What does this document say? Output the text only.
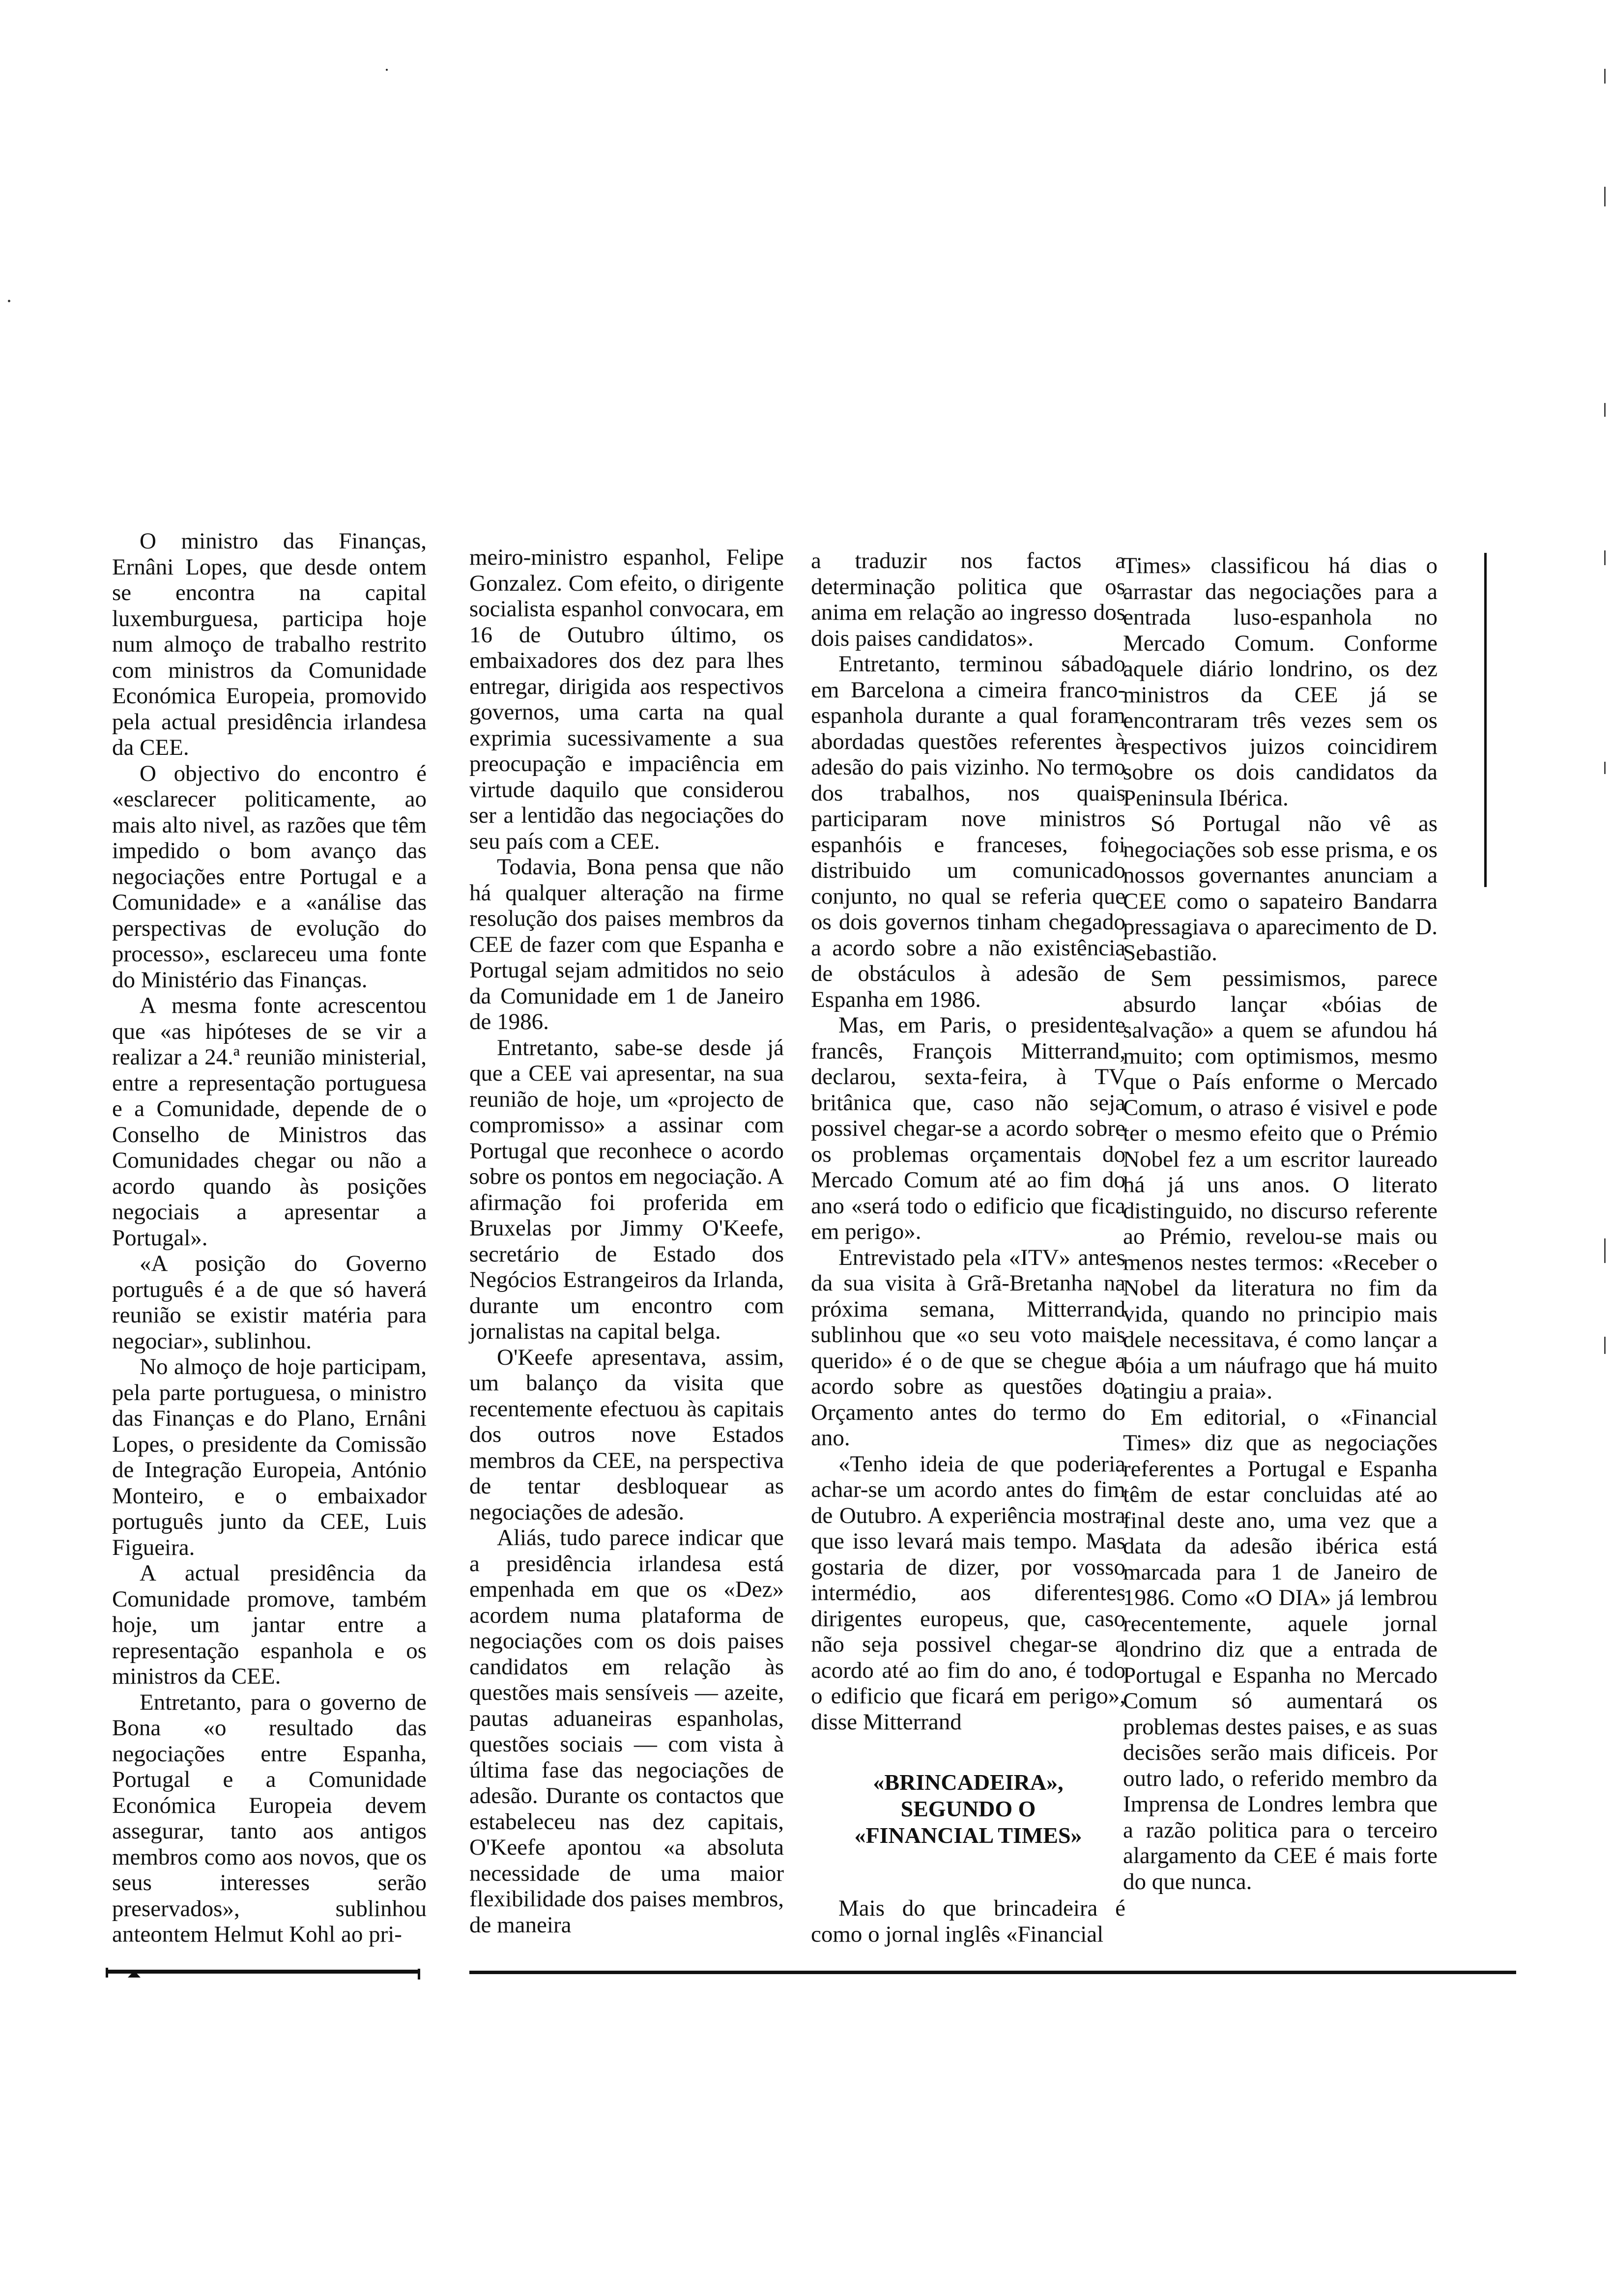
O ministro das Finanças, Ernâni Lopes, que desde ontem se encontra na capital luxemburguesa, participa hoje num almoço de trabalho restrito com ministros da Comunidade Económica Europeia, promovido pela actual presidência irlandesa da CEE.

O objectivo do encontro é «esclarecer politicamente, ao mais alto nivel, as razões que têm impedido o bom avanço das negociações entre Portugal e a Comunidade» e a «análise das perspectivas de evolução do processo», esclareceu uma fonte do Ministério das Finanças.

A mesma fonte acrescentou que «as hipóteses de se vir a realizar a 24.ª reunião ministerial, entre a representação portuguesa e a Comunidade, depende de o Conselho de Ministros das Comunidades chegar ou não a acordo quando às posições negociais a apresentar a Portugal».

«A posição do Governo português é a de que só haverá reunião se existir matéria para negociar», sublinhou.

No almoço de hoje participam, pela parte portuguesa, o ministro das Finanças e do Plano, Ernâni Lopes, o presidente da Comissão de Integração Europeia, António Monteiro, e o embaixador português junto da CEE, Luis Figueira.

A actual presidência da Comunidade promove, também hoje, um jantar entre a representação espanhola e os ministros da CEE.

Entretanto, para o governo de Bona «o resultado das negociações entre Espanha, Portugal e a Comunidade Económica Europeia devem assegurar, tanto aos antigos membros como aos novos, que os seus interesses serão preservados», sublinhou anteontem Helmut Kohl ao pri-

meiro-ministro espanhol, Felipe Gonzalez. Com efeito, o dirigente socialista espanhol convocara, em 16 de Outubro último, os embaixadores dos dez para lhes entregar, dirigida aos respectivos governos, uma carta na qual exprimia sucessivamente a sua preocupação e impaciência em virtude daquilo que considerou ser a lentidão das negociações do seu país com a CEE.

Todavia, Bona pensa que não há qualquer alteração na firme resolução dos paises membros da CEE de fazer com que Espanha e Portugal sejam admitidos no seio da Comunidade em 1 de Janeiro de 1986.

Entretanto, sabe-se desde já que a CEE vai apresentar, na sua reunião de hoje, um «projecto de compromisso» a assinar com Portugal que reconhece o acordo sobre os pontos em negociação. A afirmação foi proferida em Bruxelas por Jimmy O'Keefe, secretário de Estado dos Negócios Estrangeiros da Irlanda, durante um encontro com jornalistas na capital belga.

O'Keefe apresentava, assim, um balanço da visita que recentemente efectuou às capitais dos outros nove Estados membros da CEE, na perspectiva de tentar desbloquear as negociações de adesão.

Aliás, tudo parece indicar que a presidência irlandesa está empenhada em que os «Dez» acordem numa plataforma de negociações com os dois paises candidatos em relação às questões mais sensíveis — azeite, pautas aduaneiras espanholas, questões sociais — com vista à última fase das negociações de adesão. Durante os contactos que estabeleceu nas dez capitais, O'Keefe apontou «a absoluta necessidade de uma maior flexibilidade dos paises membros, de maneira

a traduzir nos factos a determinação politica que os anima em relação ao ingresso dos dois paises candidatos».

Entretanto, terminou sábado em Barcelona a cimeira franco-espanhola durante a qual foram abordadas questões referentes à adesão do pais vizinho. No termo dos trabalhos, nos quais participaram nove ministros espanhóis e franceses, foi distribuido um comunicado conjunto, no qual se referia que os dois governos tinham chegado a acordo sobre a não existência de obstáculos à adesão de Espanha em 1986.

Mas, em Paris, o presidente francês, François Mitterrand, declarou, sexta-feira, à TV britânica que, caso não seja possivel chegar-se a acordo sobre os problemas orçamentais do Mercado Comum até ao fim do ano «será todo o edificio que fica em perigo».

Entrevistado pela «ITV» antes da sua visita à Grã-Bretanha na próxima semana, Mitterrand sublinhou que «o seu voto mais querido» é o de que se chegue a acordo sobre as questões do Orçamento antes do termo do ano.

«Tenho ideia de que poderia achar-se um acordo antes do fim de Outubro. A experiência mostra que isso levará mais tempo. Mas gostaria de dizer, por vosso intermédio, aos diferentes dirigentes europeus, que, caso não seja possivel chegar-se a acordo até ao fim do ano, é todo o edificio que ficará em perigo», disse Mitterrand

«BRINCADEIRA»,

SEGUNDO O

«FINANCIAL TIMES»

Mais do que brincadeira é como o jornal inglês «Financial

Times» classificou há dias o arrastar das negociações para a entrada luso-espanhola no Mercado Comum. Conforme aquele diário londrino, os dez ministros da CEE já se encontraram três vezes sem os respectivos juizos coincidirem sobre os dois candidatos da Peninsula Ibérica.

Só Portugal não vê as negociações sob esse prisma, e os nossos governantes anunciam a CEE como o sapateiro Bandarra pressagiava o aparecimento de D. Sebastião.

Sem pessimismos, parece absurdo lançar «bóias de salvação» a quem se afundou há muito; com optimismos, mesmo que o País enforme o Mercado Comum, o atraso é visivel e pode ter o mesmo efeito que o Prémio Nobel fez a um escritor laureado há já uns anos. O literato distinguido, no discurso referente ao Prémio, revelou-se mais ou menos nestes termos: «Receber o Nobel da literatura no fim da vida, quando no principio mais dele necessitava, é como lançar a bóia a um náufrago que há muito atingiu a praia».

Em editorial, o «Financial Times» diz que as negociações referentes a Portugal e Espanha têm de estar concluidas até ao final deste ano, uma vez que a data da adesão ibérica está marcada para 1 de Janeiro de 1986. Como «O DIA» já lembrou recentemente, aquele jornal londrino diz que a entrada de Portugal e Espanha no Mercado Comum só aumentará os problemas destes paises, e as suas decisões serão mais dificeis. Por outro lado, o referido membro da Imprensa de Londres lembra que a razão politica para o terceiro alargamento da CEE é mais forte do que nunca.
